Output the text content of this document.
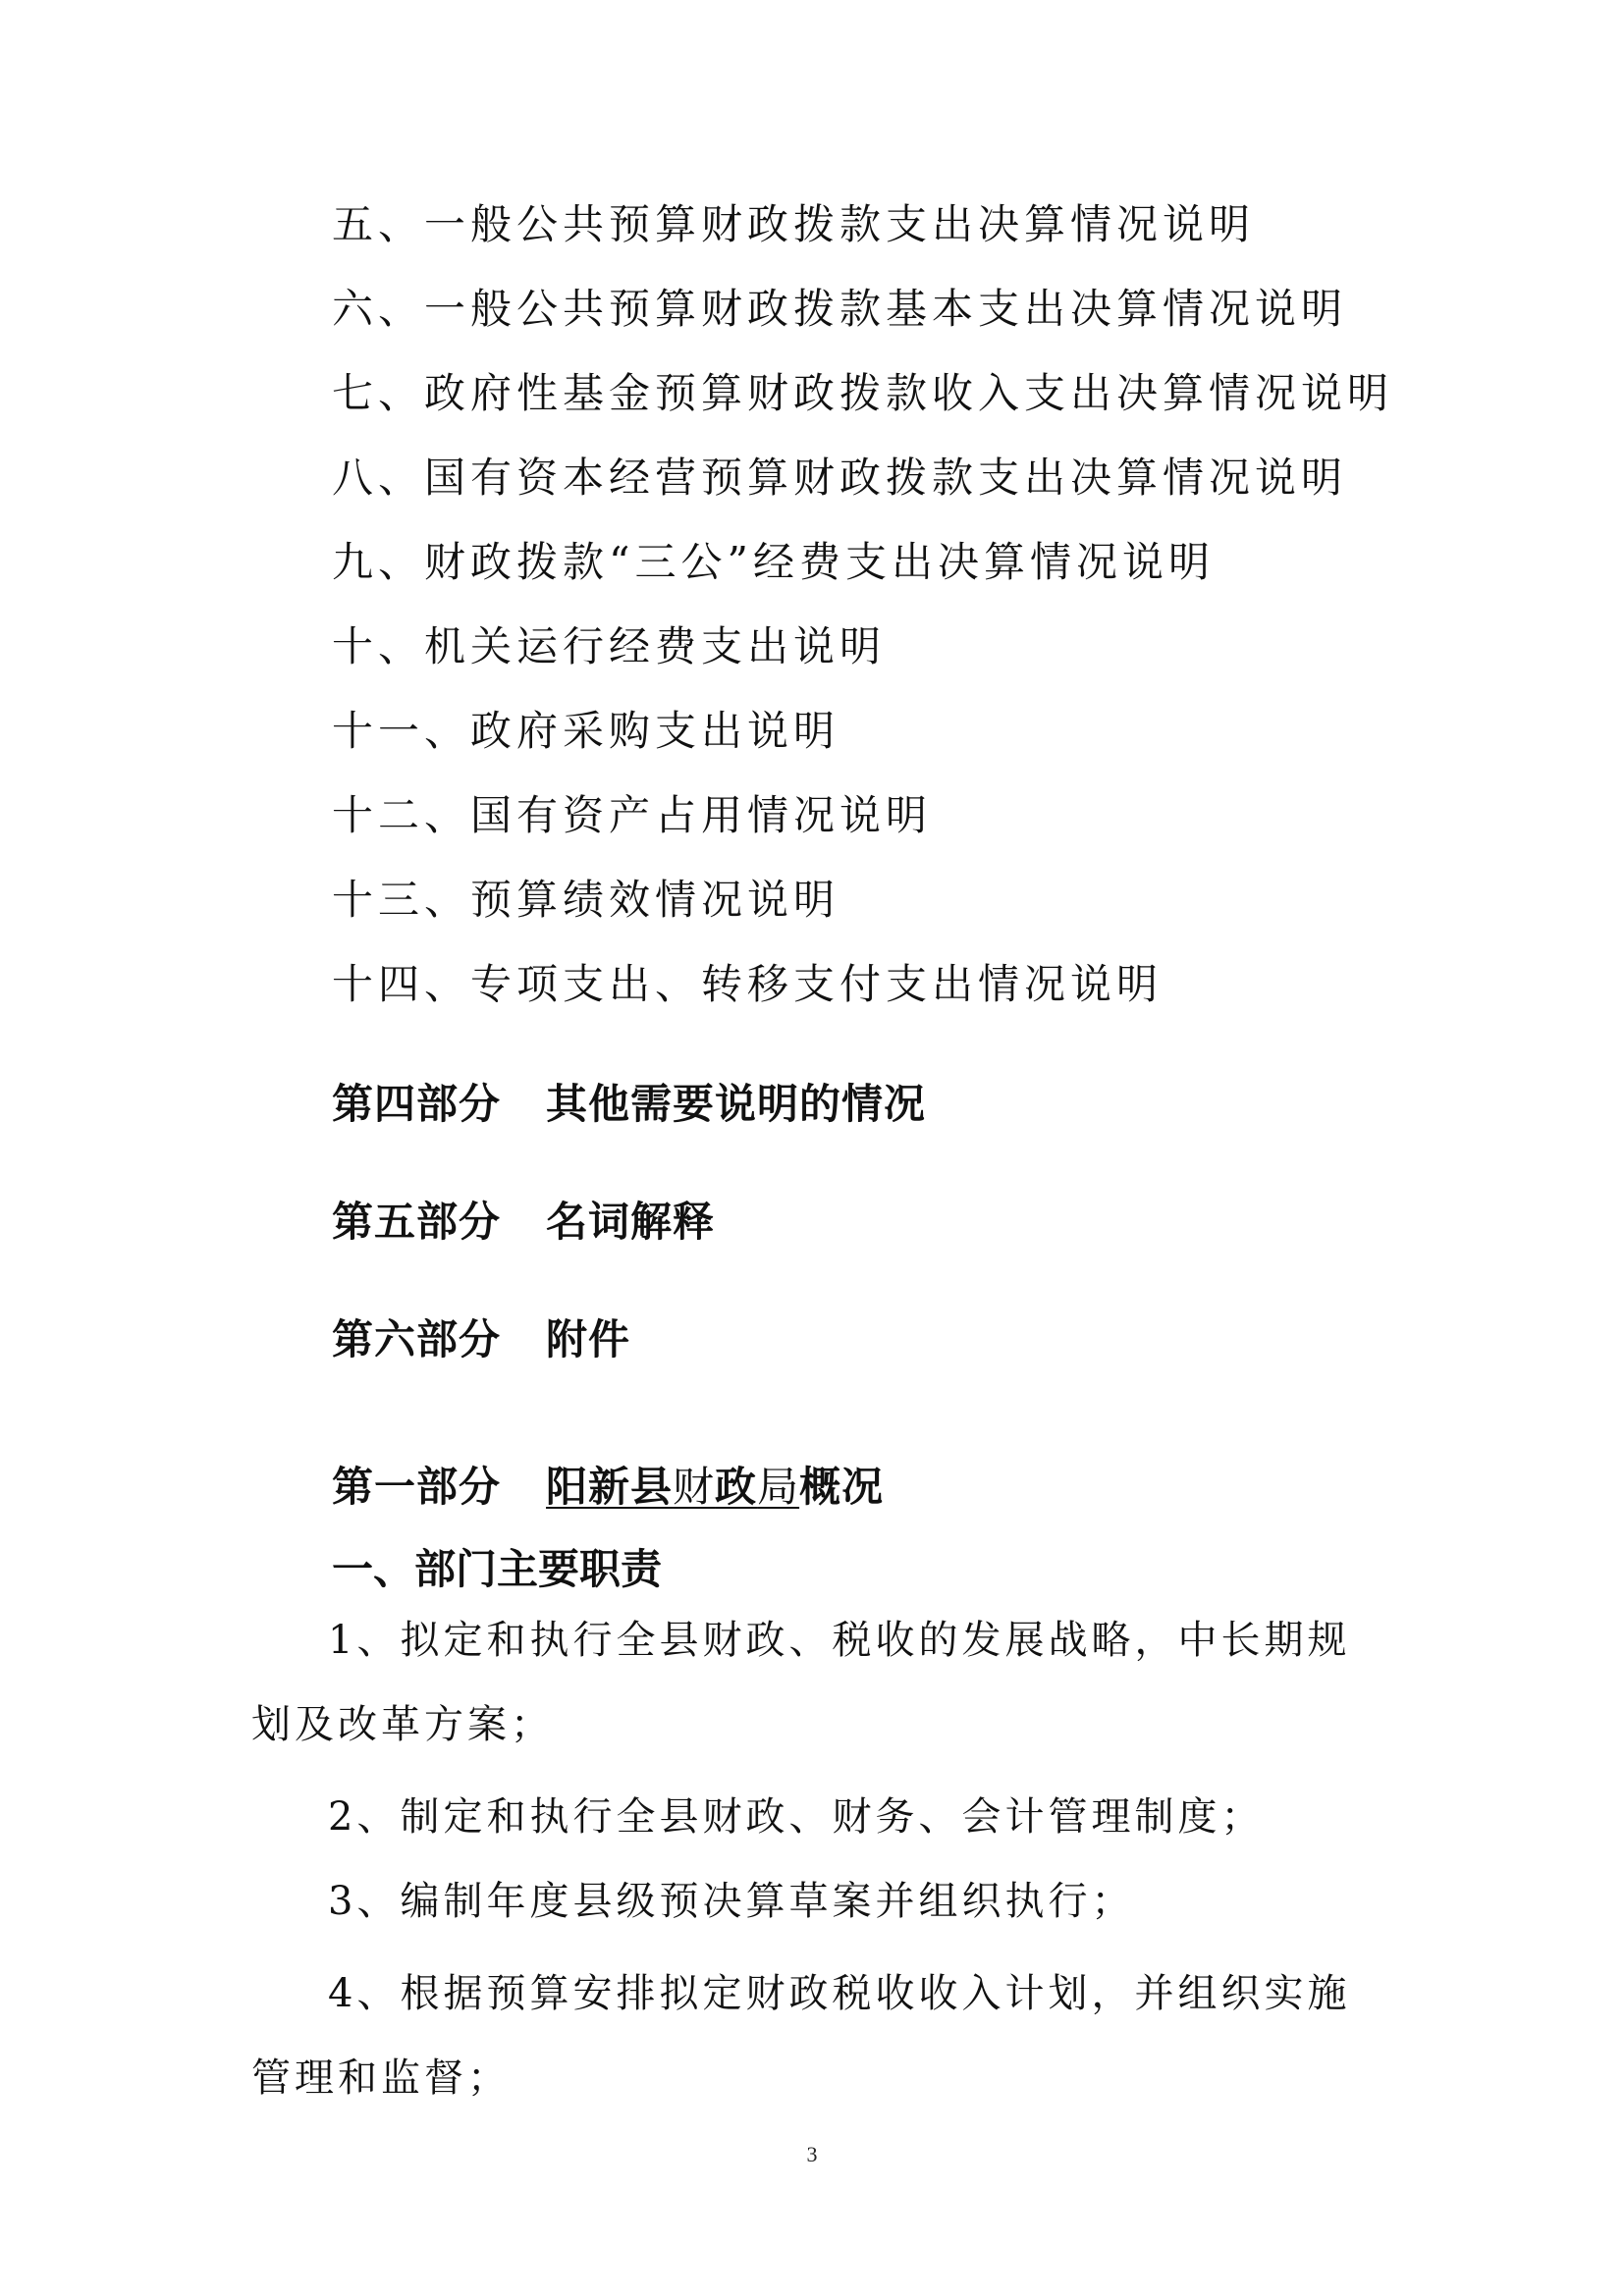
五、一般公共预算财政拨款支出决算情况说明
六、一般公共预算财政拨款基本支出决算情况说明
七、政府性基金预算财政拨款收入支出决算情况说明
八、国有资本经营预算财政拨款支出决算情况说明
九、财政拨款“三公”经费支出决算情况说明
十、机关运行经费支出说明
十一、政府采购支出说明
十二、国有资产占用情况说明
十三、预算绩效情况说明
十四、专项支出、转移支付支出情况说明
第四部分 其他需要说明的情况
第五部分 名词解释
第六部分 附件
第一部分 阳新县财政局概况
一、部门主要职责

1、拟定和执行全县财政、税收的发展战略，中长期规划及改革方案；

2、制定和执行全县财政、财务、会计管理制度；

3、编制年度县级预决算草案并组织执行；

4、根据预算安排拟定财政税收收入计划，并组织实施管理和监督；

3
